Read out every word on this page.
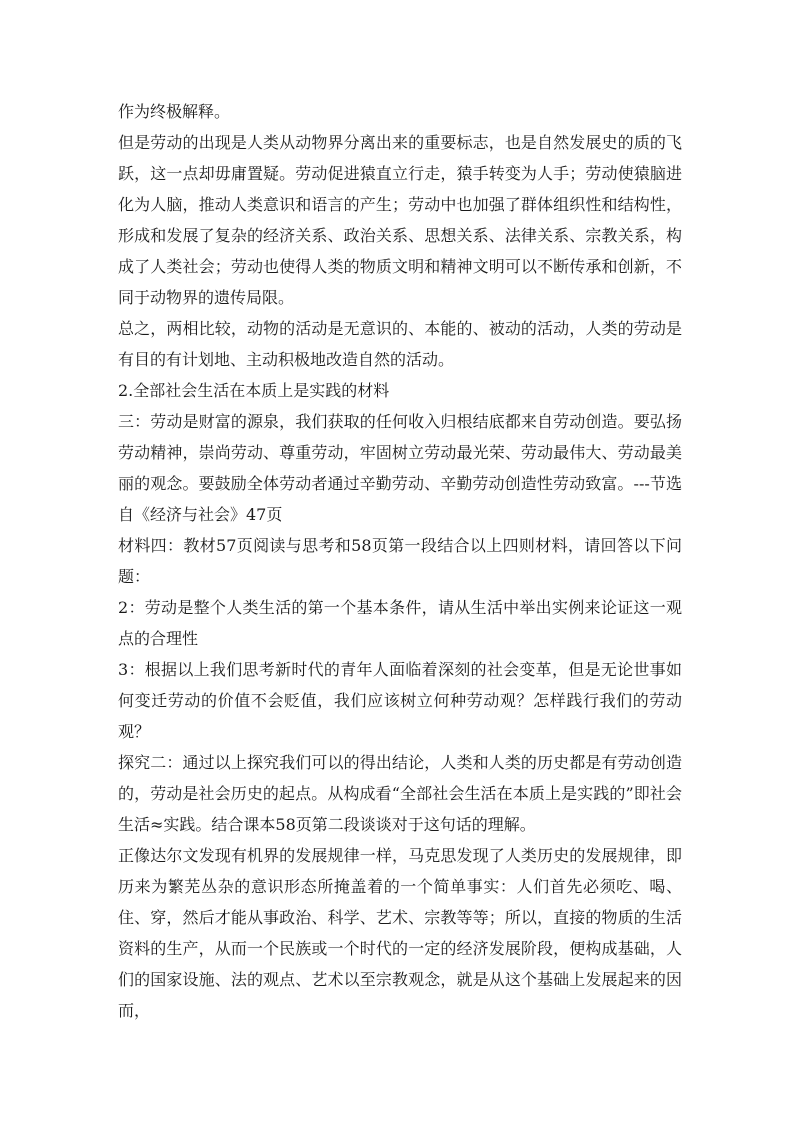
作为终极解释。

但是劳动的出现是人类从动物界分离出来的重要标志，也是自然发展史的质的飞跃，这一点却毋庸置疑。劳动促进猿直立行走，猿手转变为人手；劳动使猿脑进化为人脑，推动人类意识和语言的产生；劳动中也加强了群体组织性和结构性，形成和发展了复杂的经济关系、政治关系、思想关系、法律关系、宗教关系，构成了人类社会；劳动也使得人类的物质文明和精神文明可以不断传承和创新，不同于动物界的遗传局限。

总之，两相比较，动物的活动是无意识的、本能的、被动的活动，人类的劳动是有目的有计划地、主动积极地改造自然的活动。

2.全部社会生活在本质上是实践的材料

三：劳动是财富的源泉，我们获取的任何收入归根结底都来自劳动创造。要弘扬劳动精神，崇尚劳动、尊重劳动，牢固树立劳动最光荣、劳动最伟大、劳动最美丽的观念。要鼓励全体劳动者通过辛勤劳动、辛勤劳动创造性劳动致富。---节选自《经济与社会》47页

材料四：教材57页阅读与思考和58页第一段结合以上四则材料，请回答以下问题：

2：劳动是整个人类生活的第一个基本条件，请从生活中举出实例来论证这一观点的合理性

3：根据以上我们思考新时代的青年人面临着深刻的社会变革，但是无论世事如何变迁劳动的价值不会贬值，我们应该树立何种劳动观？怎样践行我们的劳动观？

探究二：通过以上探究我们可以的得出结论，人类和人类的历史都是有劳动创造的，劳动是社会历史的起点。从构成看“全部社会生活在本质上是实践的”即社会生活≈实践。结合课本58页第二段谈谈对于这句话的理解。

正像达尔文发现有机界的发展规律一样，马克思发现了人类历史的发展规律，即历来为繁芜丛杂的意识形态所掩盖着的一个简单事实：人们首先必须吃、喝、住、穿，然后才能从事政治、科学、艺术、宗教等等；所以，直接的物质的生活资料的生产，从而一个民族或一个时代的一定的经济发展阶段，便构成基础，人们的国家设施、法的观点、艺术以至宗教观念，就是从这个基础上发展起来的因而，
